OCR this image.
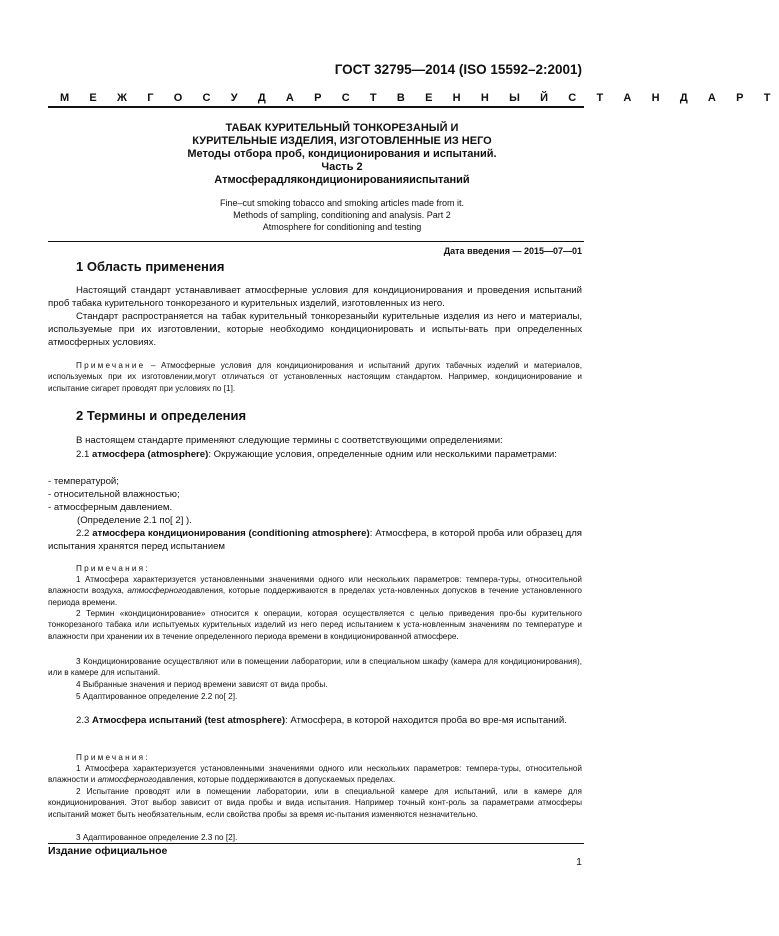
ГОСТ 32795—2014 (ISO 15592–2:2001)
М Е Ж Г О С У Д А Р С Т В Е Н Н Ы Й С Т А Н Д А Р Т
ТАБАК КУРИТЕЛЬНЫЙ ТОНКОРЕЗАНЫЙ И
КУРИТЕЛЬНЫЕ ИЗДЕЛИЯ, ИЗГОТОВЛЕННЫЕ ИЗ НЕГО
Методы отбора проб, кондиционирования и испытаний.
Часть 2
Атмосферадлякондиционированияиспытаний
Fine–cut smoking tobacco and smoking articles made from it.
Methods of sampling, conditioning and analysis. Part 2
Atmosphere for conditioning and testing
Дата введения — 2015—07—01
1 Область применения
Настоящий стандарт устанавливает атмосферные условия для кондиционирования и проведения испытаний проб табака курительного тонкорезаного и курительных изделий, изготовленных из него.
Стандарт распространяется на табак курительный тонкорезаныйи курительные изделия из него и материалы, используемые при их изготовлении, которые необходимо кондиционировать и испыты-вать при определенных атмосферных условиях.
Примечание – Атмосферные условия для кондиционирования и испытаний других табачных изделий и материалов, используемых при их изготовлении,могут отличаться от установленных настоящим стандартом. Например, кондиционирование и испытание сигарет проводят при условиях по [1].
2 Термины и определения
В настоящем стандарте применяют следующие термины с соответствующими определениями:
2.1 атмосфера (atmosphere): Окружающие условия, определенные одним или несколькими параметрами:
- температурой;
- относительной влажностью;
- атмосферным давлением.
(Определение 2.1 по[ 2] ).
2.2 атмосфера кондиционирования (conditioning atmosphere): Атмосфера, в которой проба или образец для испытания хранятся перед испытанием
Примечания:
1 Атмосфера характеризуется установленными значениями одного или нескольких параметров: темпера-туры, относительной влажности воздуха, атмосферногодавления, которые поддерживаются в пределах уста-новленных допусков в течение установленного периода времени.
2 Термин «кондиционирование» относится к операции, которая осуществляется с целью приведения про-бы курительного тонкорезаного табака или испытуемых курительных изделий из него перед испытанием к уста-новленным значениям по температуре и влажности при хранении их в течение определенного периода времени в кондиционированной атмосфере.
3 Кондиционирование осуществляют или в помещении лаборатории, или в специальном шкафу (камера для кондиционирования), или в камере для испытаний.
4 Выбранные значения и период времени зависят от вида пробы.
5 Адаптированное определение 2.2 по[ 2].
2.3 Атмосфера испытаний (test atmosphere): Атмосфера, в которой находится проба во вре-мя испытаний.
Примечания:
1 Атмосфера характеризуется установленными значениями одного или нескольких параметров: темпера-туры, относительной влажности и атмосферногодавления, которые поддерживаются в допускаемых пределах.
2 Испытание проводят или в помещении лаборатории, или в специальной камере для испытаний, или в камере для кондиционирования. Этот выбор зависит от вида пробы и вида испытания. Например точный конт-роль за параметрами атмосферы испытаний может быть необязательным, если свойства пробы за время ис-пытания изменяются незначительно.
3 Адаптированное определение 2.3 по [2].
Издание официальное
1
